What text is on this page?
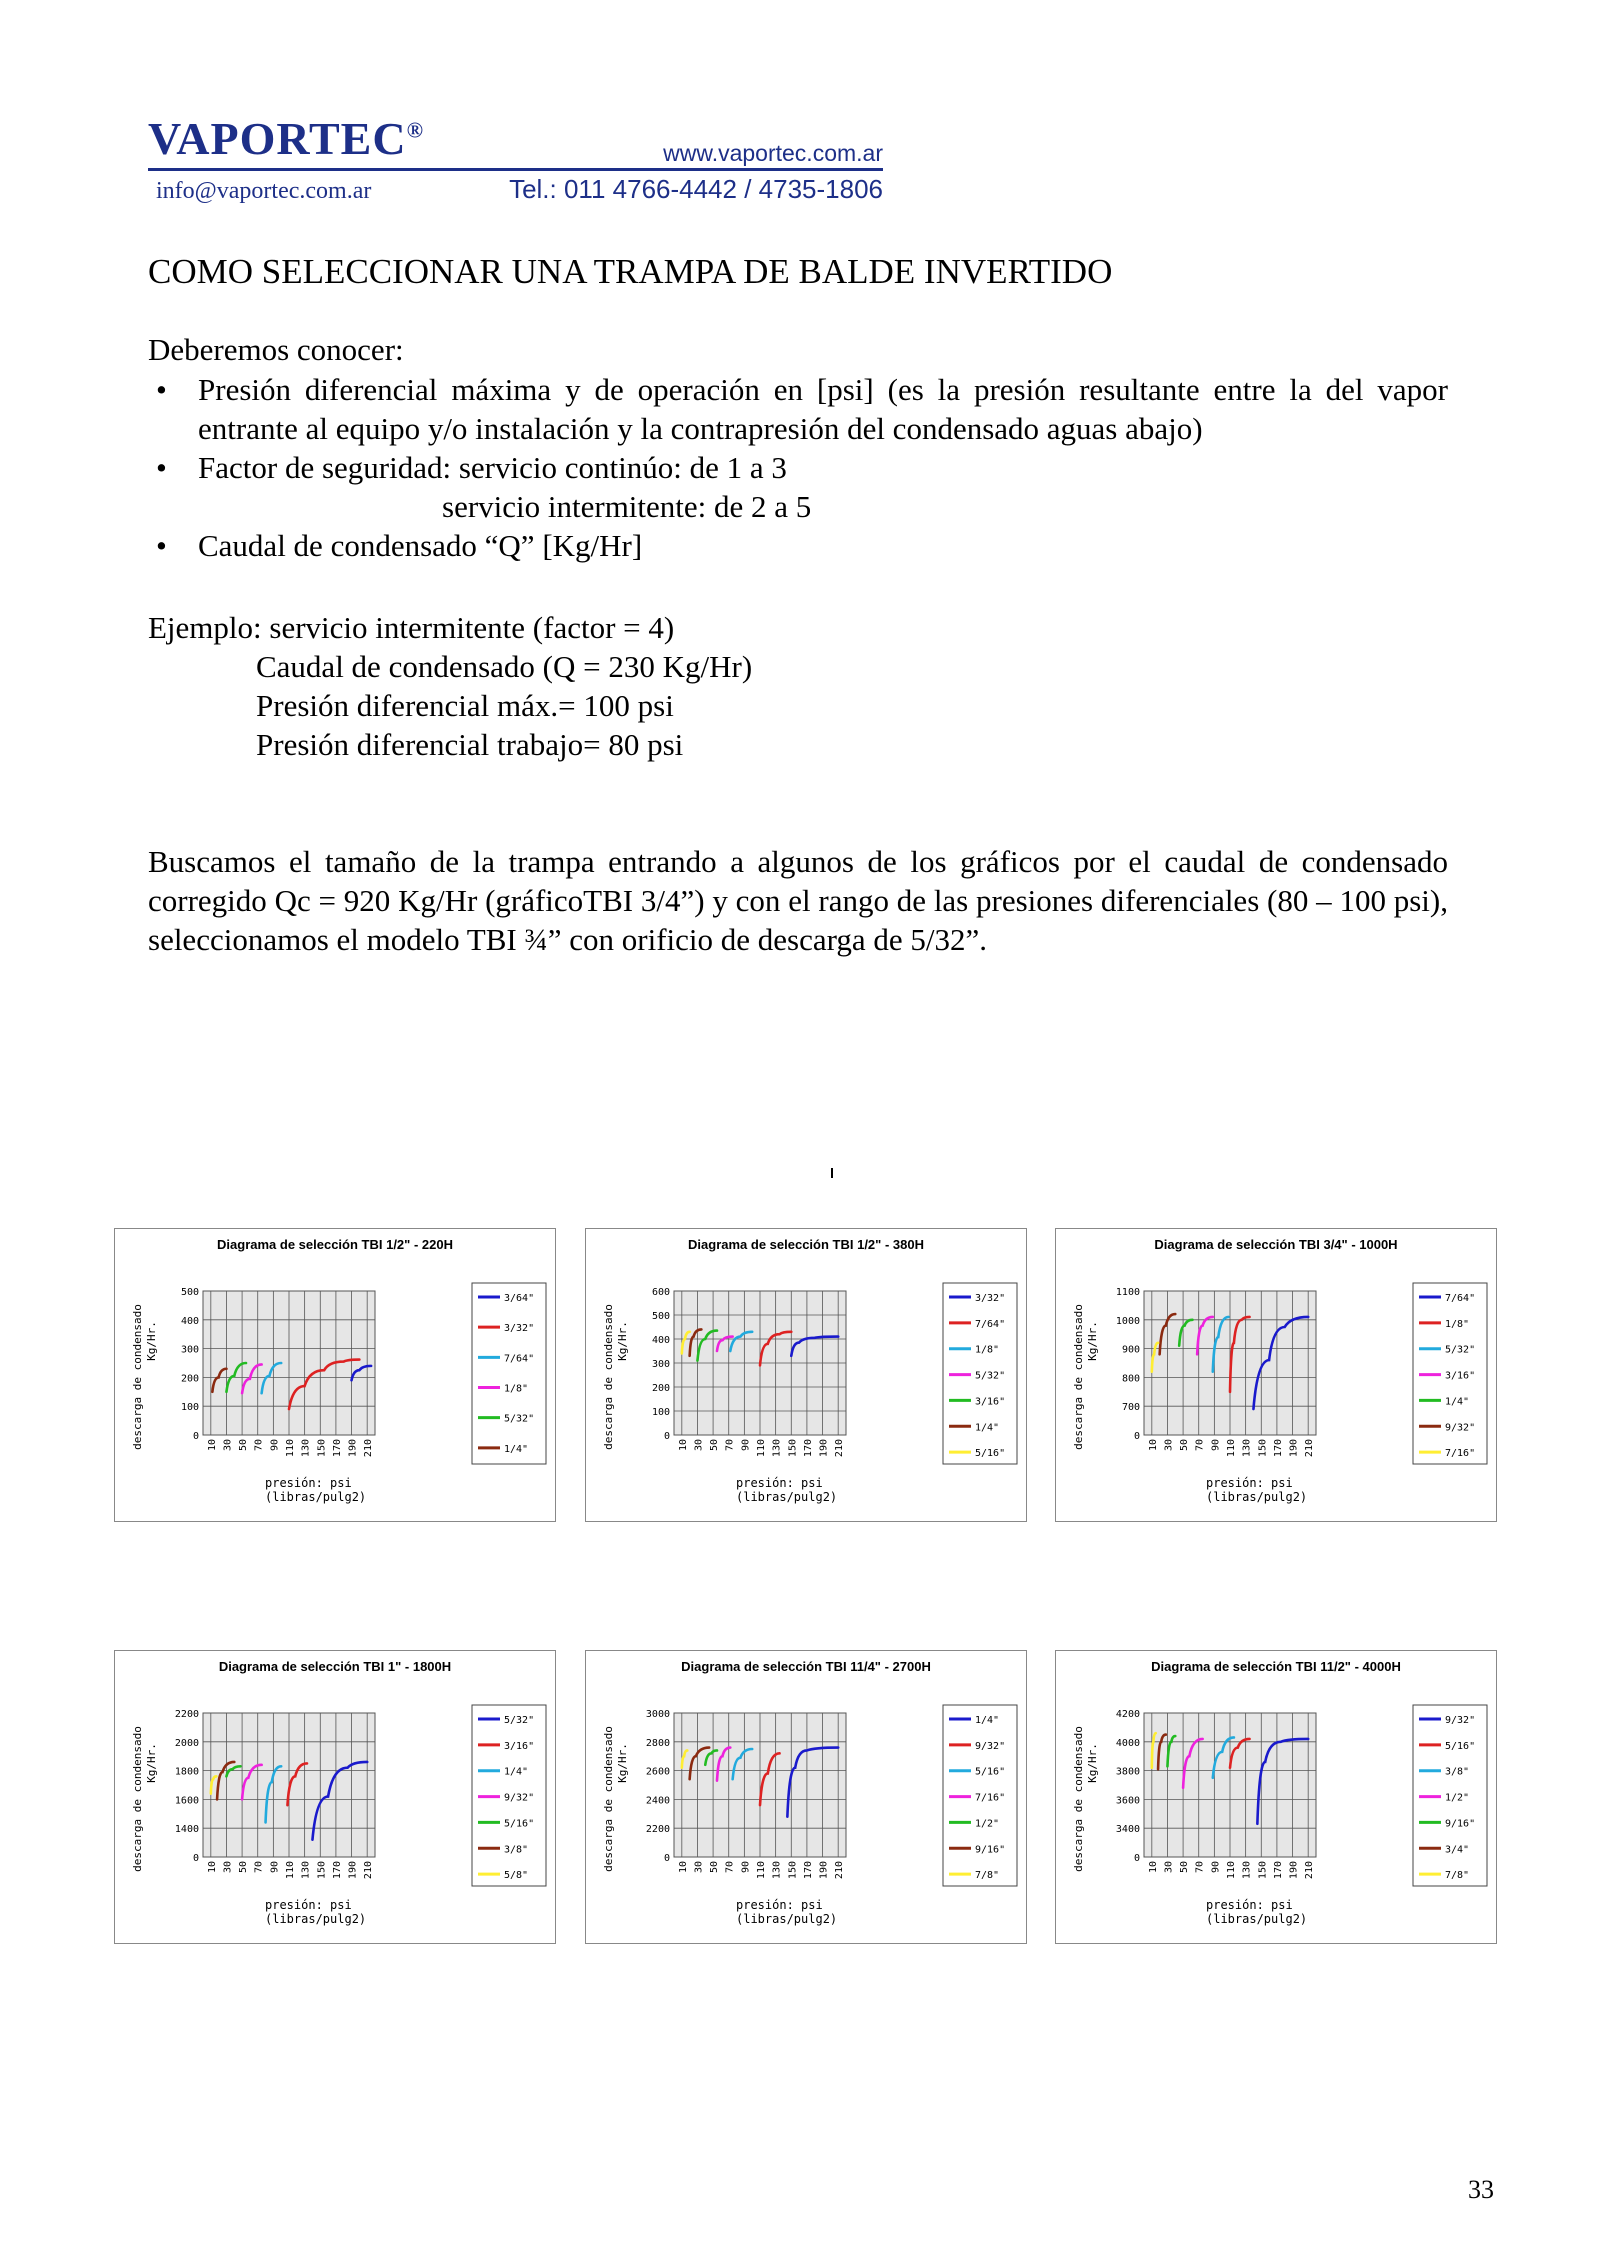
VAPORTEC®
www.vaportec.com.ar
info@vaportec.com.ar	Tel.: 011 4766-4442 / 4735-1806
COMO SELECCIONAR UNA TRAMPA DE BALDE INVERTIDO
Deberemos conocer:
• Presión diferencial máxima y de operación en [psi] (es la presión resultante entre la del vapor entrante al equipo y/o instalación y la contrapresión del condensado aguas abajo)
• Factor de seguridad: servicio continúo: de 1 a 3
servicio intermitente: de 2 a 5
• Caudal de condensado “Q” [Kg/Hr]
Ejemplo: servicio intermitente (factor = 4)
Caudal de condensado (Q = 230 Kg/Hr)
Presión diferencial máx.= 100 psi
Presión diferencial trabajo= 80 psi
Buscamos el tamaño de la trampa entrando a algunos de los gráficos por el caudal de condensado corregido Qc = 920 Kg/Hr (gráficoTBI 3/4”) y con el rango de las presiones diferenciales (80 – 100 psi), seleccionamos el modelo TBI ¾” con orificio de descarga de 5/32”.
Diagrama de selección TBI 1/2" - 220H
10 30 50 70 90 110 130 150 170 190 210
0
100
200
300
400
500
descarga de condensado Kg/Hr.
presión: psi
(libras/pulg2)
3/64"
3/32"
7/64"
1/8"
5/32"
1/4"
Diagrama de selección TBI 1/2" - 380H
10 30 50 70 90 110 130 150 170 190 210
0
100
200
300
400
500
600
descarga de condensado Kg/Hr.
presión: psi
(libras/pulg2)
3/32"
7/64"
1/8"
5/32"
3/16"
1/4"
5/16"
Diagrama de selección TBI 3/4" - 1000H
10 30 50 70 90 110 130 150 170 190 210
0
700
800
900
1000
1100
descarga de condensado Kg/Hr.
presión: psi
(libras/pulg2)
7/64"
1/8"
5/32"
3/16"
1/4"
9/32"
7/16"
Diagrama de selección TBI 1" - 1800H
10 30 50 70 90 110 130 150 170 190 210
0
1400
1600
1800
2000
2200
descarga de condensado Kg/Hr.
presión: psi
(libras/pulg2)
5/32"
3/16"
1/4"
9/32"
5/16"
3/8"
5/8"
Diagrama de selección TBI 11/4" - 2700H
10 30 50 70 90 110 130 150 170 190 210
0
2200
2400
2600
2800
3000
descarga de condensado Kg/Hr.
presión: psi
(libras/pulg2)
1/4"
9/32"
5/16"
7/16"
1/2"
9/16"
7/8"
Diagrama de selección TBI 11/2" - 4000H
10 30 50 70 90 110 130 150 170 190 210
0
3400
3600
3800
4000
4200
descarga de condensado Kg/Hr.
presión: psi
(libras/pulg2)
9/32"
5/16"
3/8"
1/2"
9/16"
3/4"
7/8"
33
